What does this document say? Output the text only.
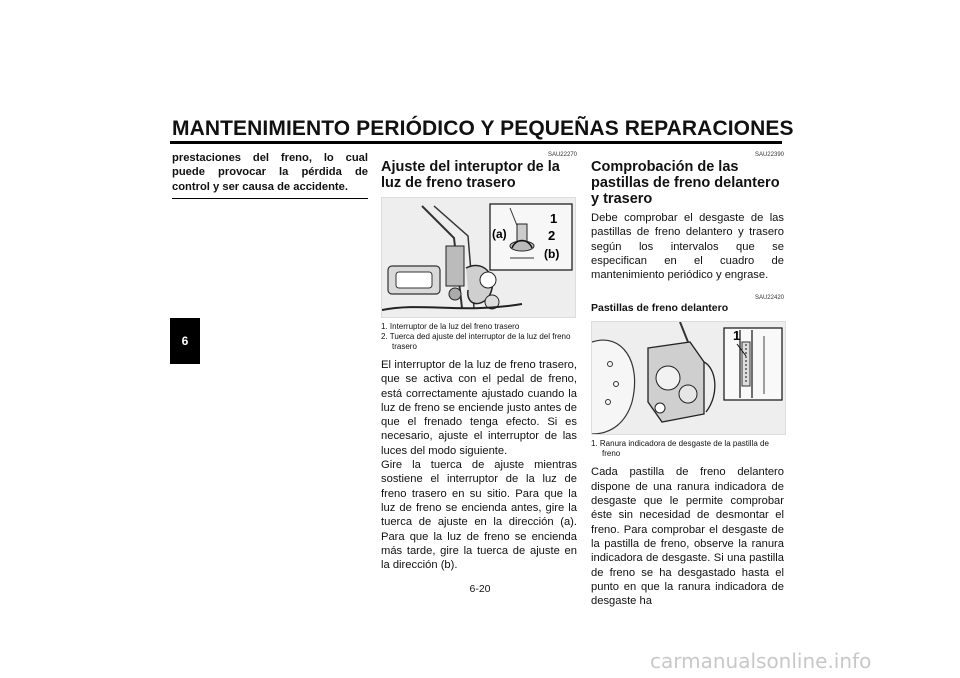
MANTENIMIENTO PERIÓDICO Y PEQUEÑAS REPARACIONES
6

prestaciones del freno, lo cual puede provocar la pérdida de control y ser causa de accidente.

SAU22270
Ajuste del interuptor de la luz de freno trasero
(a)
1
2
(b)
1. Interruptor de la luz del freno trasero
2. Tuerca ded ajuste del interruptor de la luz del freno trasero

El interruptor de la luz de freno trasero, que se activa con el pedal de freno, está correctamente ajustado cuando la luz de freno se enciende justo antes de que el frenado tenga efecto. Si es necesario, ajuste el interruptor de las luces del modo siguiente.

Gire la tuerca de ajuste mientras sostiene el interruptor de la luz de freno trasero en su sitio. Para que la luz de freno se encienda antes, gire la tuerca de ajuste en la dirección (a). Para que la luz de freno se encienda más tarde, gire la tuerca de ajuste en la dirección (b).

SAU22390
Comprobación de las pastillas de freno delantero y trasero

Debe comprobar el desgaste de las pastillas de freno delantero y trasero según los intervalos que se especifican en el cuadro de mantenimiento periódico y engrase.

SAU22420
Pastillas de freno delantero
1
1. Ranura indicadora de desgaste de la pastilla de freno

Cada pastilla de freno delantero dispone de una ranura indicadora de desgaste que le permite comprobar éste sin necesidad de desmontar el freno. Para comprobar el desgaste de la pastilla de freno, observe la ranura indicadora de desgaste. Si una pastilla de freno se ha desgastado hasta el punto en que la ranura indicadora de desgaste ha

6-20
carmanualsonline.info
